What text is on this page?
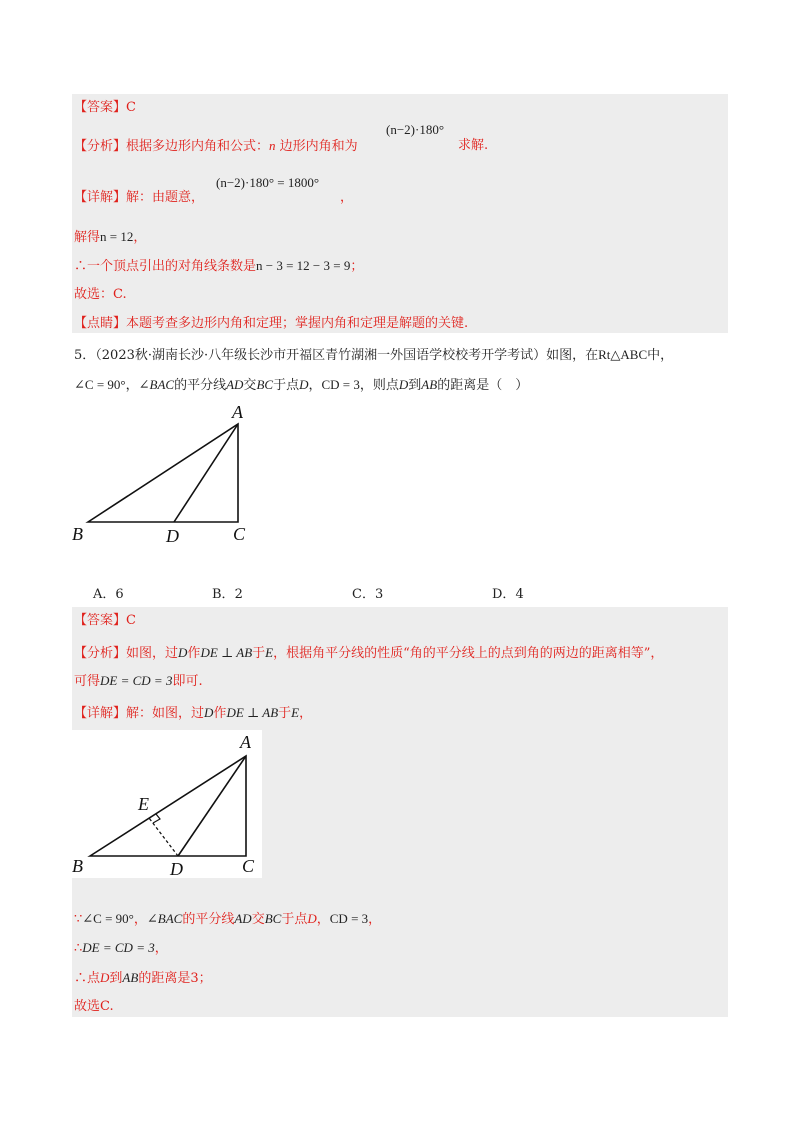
【答案】C
(n−2)·180°
【分析】根据多边形内角和公式：n 边形内角和为	求解.
(n−2)·180° = 1800°
【详解】解：由题意，	，
解得n = 12，
∴一个顶点引出的对角线条数是n − 3 = 12 − 3 = 9；
故选：C.
【点睛】本题考查多边形内角和定理；掌握内角和定理是解题的关键.
5．（2023秋·湖南长沙·八年级长沙市开福区青竹湖湘一外国语学校校考开学考试）如图，在Rt△ABC中，
∠C = 90°，∠BAC的平分线AD交BC于点D，CD = 3，则点D到AB的距离是（　）
A
B	C
D
A．6	B．2	C．3	D．4
【答案】C
【分析】如图，过D作DE ⊥ AB于E，根据角平分线的性质“角的平分线上的点到角的两边的距离相等”，
可得DE = CD = 3即可.
【详解】解：如图，过D作DE ⊥ AB于E，
A
B	C
D
E
∵∠C = 90°，∠BAC的平分线AD交BC于点D，CD = 3，
∴DE = CD = 3，
∴点D到AB的距离是3；
故选C.
